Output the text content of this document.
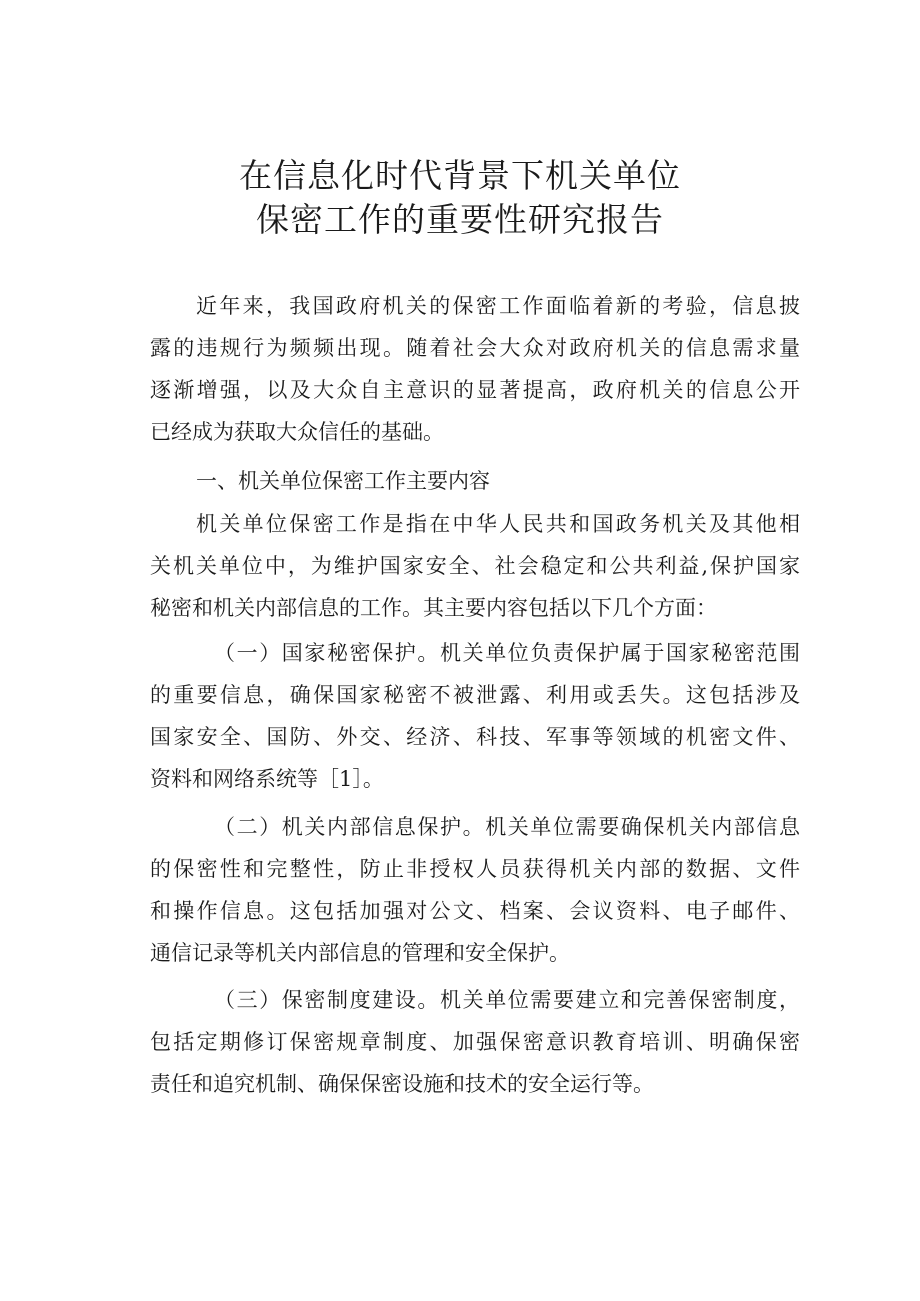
在信息化时代背景下机关单位
保密工作的重要性研究报告
近年来，我国政府机关的保密工作面临着新的考验，信息披
露的违规行为频频出现。随着社会大众对政府机关的信息需求量
逐渐增强，以及大众自主意识的显著提高，政府机关的信息公开
已经成为获取大众信任的基础。
一、机关单位保密工作主要内容
机关单位保密工作是指在中华人民共和国政务机关及其他相
关机关单位中，为维护国家安全、社会稳定和公共利益,保护国家
秘密和机关内部信息的工作。其主要内容包括以下几个方面：
（一）国家秘密保护。机关单位负责保护属于国家秘密范围
的重要信息，确保国家秘密不被泄露、利用或丢失。这包括涉及
国家安全、国防、外交、经济、科技、军事等领域的机密文件、
资料和网络系统等［1］。
（二）机关内部信息保护。机关单位需要确保机关内部信息
的保密性和完整性，防止非授权人员获得机关内部的数据、文件
和操作信息。这包括加强对公文、档案、会议资料、电子邮件、
通信记录等机关内部信息的管理和安全保护。
（三）保密制度建设。机关单位需要建立和完善保密制度，
包括定期修订保密规章制度、加强保密意识教育培训、明确保密
责任和追究机制、确保保密设施和技术的安全运行等。
